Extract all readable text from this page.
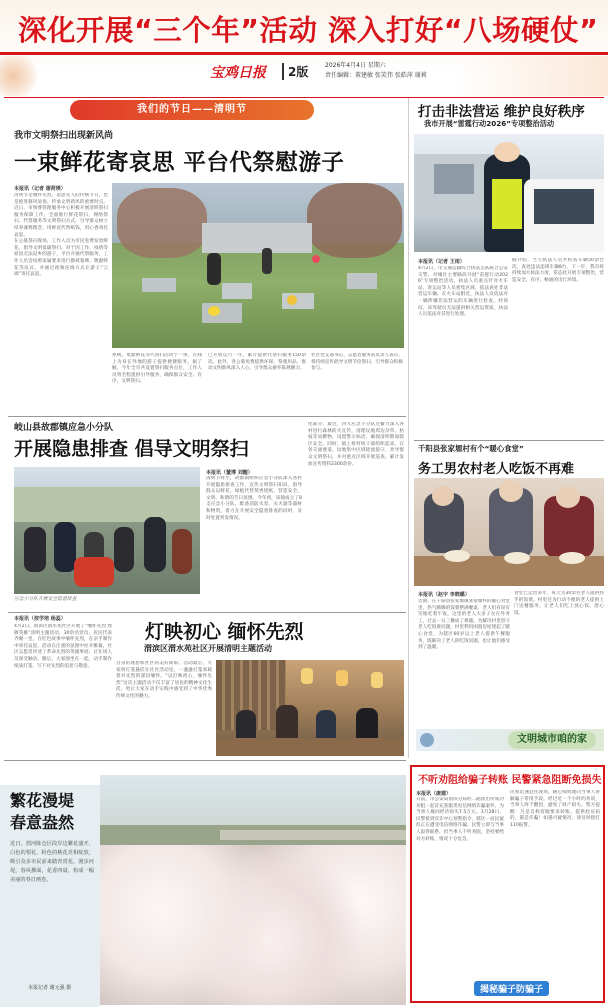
深化开展“三个年”活动 深入打好“八场硬仗”
宝鸡日报	2版	2026年4月4日 星期六
责任编辑：董建敏 张笑伟 张皓萍 谢莉
我们的节日——清明节
我市文明祭扫出现新风尚
一束鲜花寄哀思 平台代祭慰游子
本报讯（记者 谢荷瑛）
清明节是缅怀先烈、追思先人的传统节日，也是推进移风易俗、传承文明新风的重要时点。近日，市殡葬管理服务中心积极开展清明祭扫服务保障工作，全面推行鲜花祭扫、网络祭扫、代祭服务等文明祭扫方式，引导群众树立厚养薄葬理念，用鲜花代替纸钱，用心香寄托哀思。
在公墓祭扫现场，工作人员为市民免费发放鲜花，倡导文明低碳祭扫。对于因工作、疫情等原因无法返乡的游子，平台开通代祭服务，工作人员会按照家属要求进行擦拭墓碑、敬献鲜花等仪式，并通过视频连线方式让游子“云端”寄托哀思。
系统，集献鲜花等代祭扫活动于一体，在线上为身在外地的游子提供便捷服务。据了解，今年全市共设置祭扫服务点位，工作人员将全程提供引导服务，确保群众安全、有序、文明祭扫。
已开放运行一年，累计提供代祭扫服务150余次。此外，各公墓免费提供环保、祭奠用品，推动文明新风深入人心，引导群众摒弃陈规陋习。
社区党支部书记、志愿者服务站负责人表示，将持续宣传倡导文明节俭祭扫，引导群众积极参与。
岐山县故郡镇应急小分队
开展隐患排查 倡导文明祭扫
应急小分队开展安全隐患排查
本报讯（董博 刘醒）
清明节将至，故郡镇组织应急小分队深入各村开展隐患排查工作，宣传文明祭扫知识，倡导群众以鲜花、绿植代替焚香烧纸，营造安全、文明、和谐的节日氛围。今年初，该镇成立了8支应急小分队，配备消防水泵、灭火器等器材和物资，着力在开展安全隐患排查的同时，及时处置突发情况。
化部分，最近，四大应急小分队还蓄力深入各村进行森林防火宣传，清理坟地周边杂草、枯枝等易燃物，设置警示标语，确保清明期间辖区安全。同时，镇上将村组干部组织起来，在各交通要道、坟地集中区域轮流值守，劝导群众文明祭扫，并对重点区域开展巡查，累计发放宣传资料2300余份。
灯映初心 缅怀先烈
渭滨区渭水苑社区开展清明主题活动
本报讯（按学培 杨蕊）
4月2日，渭滨区渭水苑社区开展了“缅怀先烈 致敬英雄”清明主题活动，30余名党员、居民代表齐聚一堂，在红色故事中缅怀先烈，在亲手制作中寄托哀思。活动在庄重的氛围中拉开帷幕，社区志愿者讲述了革命先烈的英雄事迹，让在场人员深受触动。随后，大家围坐在一起，动手制作纸质灯笼，写下对先烈的追思与敬意。
自身的理想和社区的美好期盼。活动最后，大家将灯笼悬挂在社区活动室，一盏盏灯笼承载着对先烈的深切缅怀。“以灯映初心，缅怀先烈”这次主题活动不仅丰富了居民的精神文化生活，更让大家在动手实践中感受到了中华优秀传统文化的魅力。
打击非法营运 维护良好秩序
我市开展“雷霆行动2026”专项整治活动
本报讯（记者 王雨）
4月2日，市交通运输综合执法支队联合公安交警，对城区主要路段开展“雷霆行动2026”专项整治活动。执法人员重点针对火车站、客运站等人员密集区域，依法查处非法营运车辆。在火车站附近，执法人员依法对一辆涉嫌非法营运的车辆进行检查。经询问，该驾驶员无法提供相关营运资质，执法人员依法对其进行处理。
据介绍，当天执法人员共检查车辆50余台次，查处违法违规车辆8台。下一步，我市将持续加大执法力度，常态化开展专项整治，营造安全、有序、畅通的出行环境。
千阳县张家塬村有个“暖心食堂”
务工男农村老人吃饭不再难
本报讯（赵宇 李晓璐）
近期，在千阳县张家塬镇张家塬村的暖心食堂里，热气腾腾的饭菜摆满餐桌，老人们有说有笑地吃着午饭。这里的老人大多子女在外务工，过去一日三餐成了难题。为解决村里留守老人吃饭难问题，村里利用闲置房屋建起了暖心食堂，为辖区60岁以上老人提供午餐服务，既解决了老人的吃饭问题，也让他们感受到了温暖。
食堂已运营多年，每天为30余名老人提供热乎的饭菜。村里还为行动不便的老人提供上门送餐服务，让老人们吃上放心饭、舒心饭。
文明城市咱的家
不听劝阻给骗子转账 民警紧急阻断免损失
本报讯（康建）
日前，市公安局渭滨分局经二路派出所成功劝阻一起冒充客服类电信网络诈骗案件，为当事人挽回经济损失7.5万元。3月28日，民警接到反诈中心预警指令，辖区一居民疑似正在遭受电信网络诈骗。民警立即与当事人取得联系，但当事人不听劝阻，坚持要给对方转账，情况十分危急。
民警迅速赶往现场，耐心细致地向当事人讲解骗子常用手段，经过近一个小时的劝说，当事人终于醒悟，避免了财产损失。警方提醒：凡是自称客服要求转账、提供验证码的，都是诈骗！如遇可疑情况，请及时拨打110报警。
揭秘骗子防骗子
繁花漫堤
春意盎然
近日，渭河陈仓区段岸边繁花盛开，白色的梨花、粉色的桃花竞相绽放，吸引众多市民前来踏青赏花。漫步河堤，春风拂面，花香四溢，构成一幅美丽的春日画卷。
本报记者 谢元强 摄
